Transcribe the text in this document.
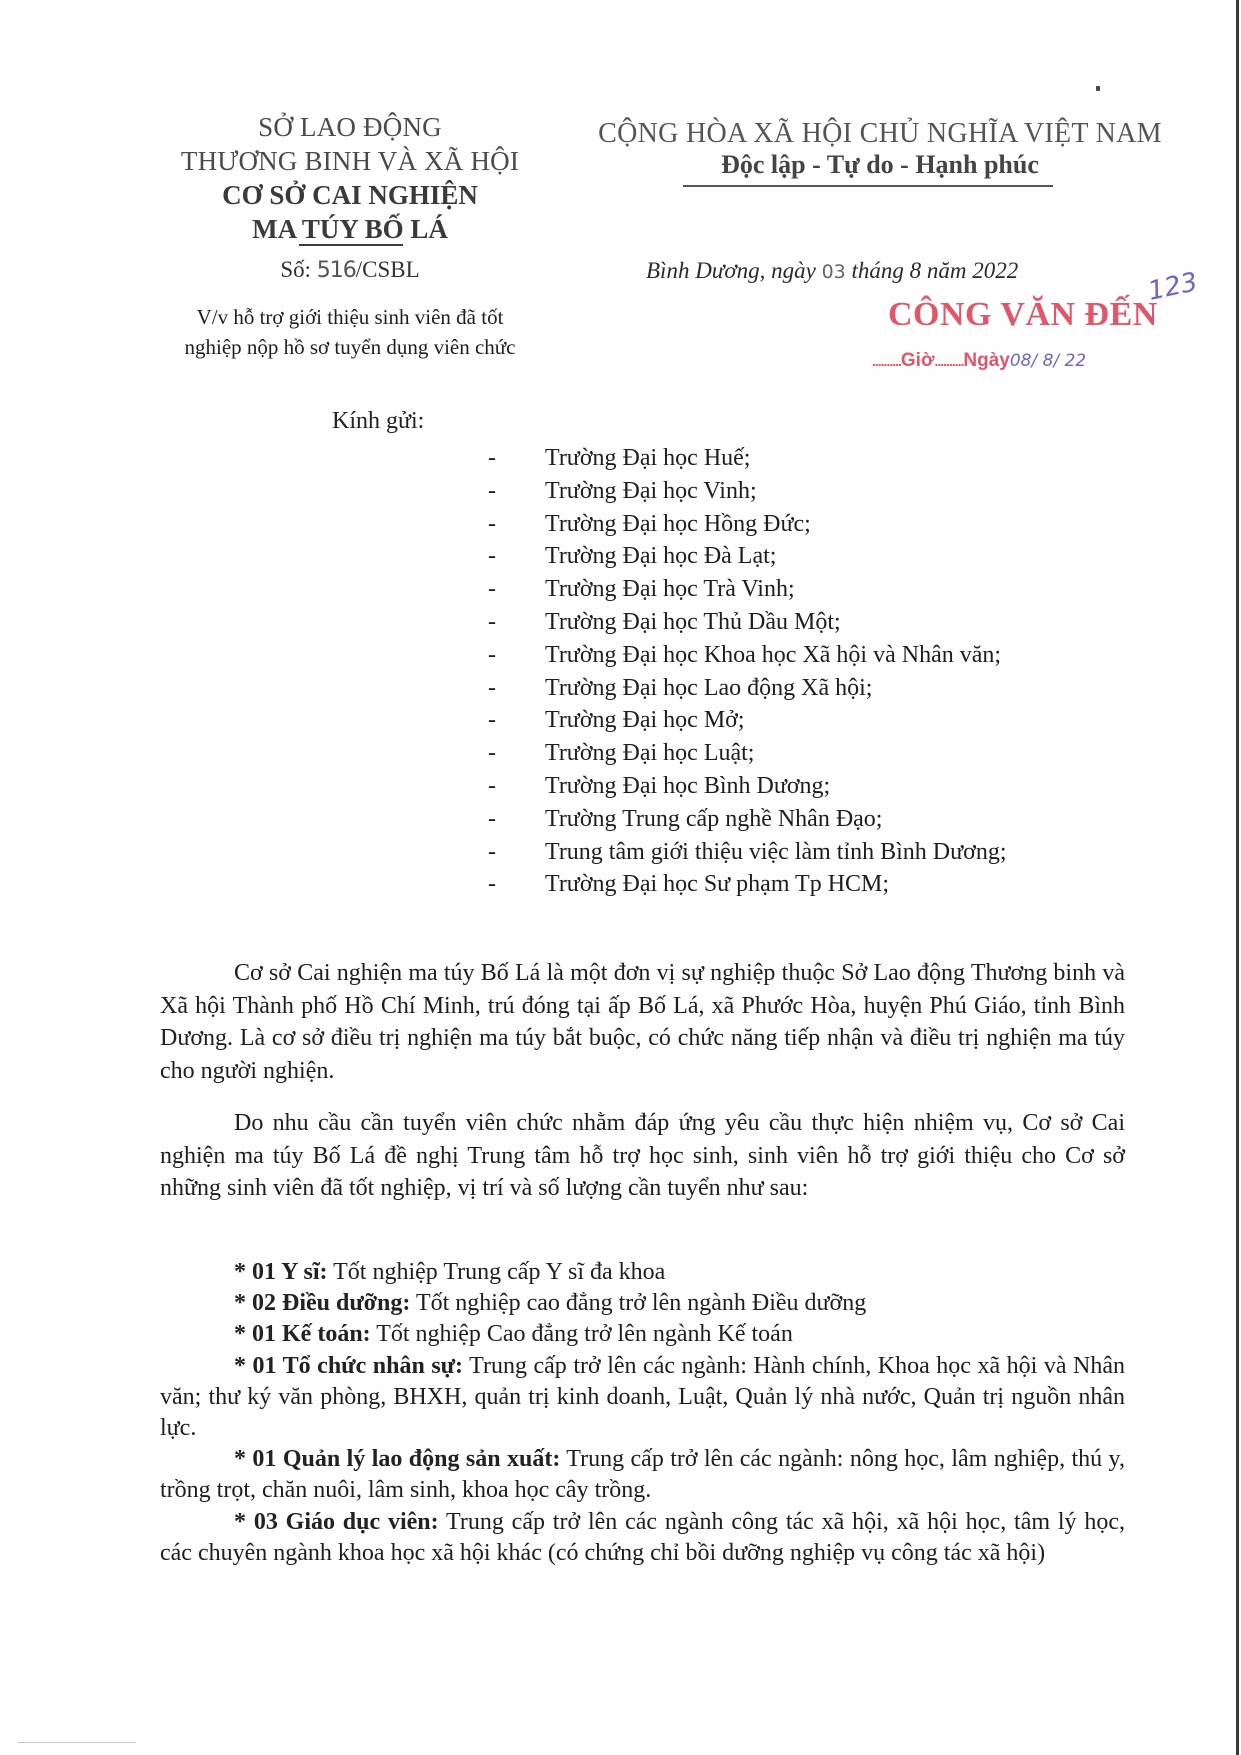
SỞ LAO ĐỘNG
THƯƠNG BINH VÀ XÃ HỘI
CƠ SỞ CAI NGHIỆN
MA TÚY BỐ LÁ
Số: 516/CSBL
V/v hỗ trợ giới thiệu sinh viên đã tốt
nghiệp nộp hồ sơ tuyển dụng viên chức
CỘNG HÒA XÃ HỘI CHỦ NGHĨA VIỆT NAM
Độc lập - Tự do - Hạnh phúc
Bình Dương, ngày 03 tháng 8 năm 2022
CÔNG VĂN ĐẾN
..........Giờ..........Ngày08/ 8/ 22
123
Kính gửi:
-	Trường Đại học Huế;
-	Trường Đại học Vinh;
-	Trường Đại học Hồng Đức;
-	Trường Đại học Đà Lạt;
-	Trường Đại học Trà Vinh;
-	Trường Đại học Thủ Dầu Một;
-	Trường Đại học Khoa học Xã hội và Nhân văn;
-	Trường Đại học Lao động Xã hội;
-	Trường Đại học Mở;
-	Trường Đại học Luật;
-	Trường Đại học Bình Dương;
-	Trường Trung cấp nghề Nhân Đạo;
-	Trung tâm giới thiệu việc làm tỉnh Bình Dương;
-	Trường Đại học Sư phạm Tp HCM;

Cơ sở Cai nghiện ma túy Bố Lá là một đơn vị sự nghiệp thuộc Sở Lao động Thương binh và Xã hội Thành phố Hồ Chí Minh, trú đóng tại ấp Bố Lá, xã Phước Hòa, huyện Phú Giáo, tỉnh Bình Dương. Là cơ sở điều trị nghiện ma túy bắt buộc, có chức năng tiếp nhận và điều trị nghiện ma túy cho người nghiện.

Do nhu cầu cần tuyển viên chức nhằm đáp ứng yêu cầu thực hiện nhiệm vụ, Cơ sở Cai nghiện ma túy Bố Lá đề nghị Trung tâm hỗ trợ học sinh, sinh viên hỗ trợ giới thiệu cho Cơ sở những sinh viên đã tốt nghiệp, vị trí và số lượng cần tuyển như sau:

* 01 Y sĩ: Tốt nghiệp Trung cấp Y sĩ đa khoa

* 02 Điều dưỡng: Tốt nghiệp cao đẳng trở lên ngành Điều dưỡng

* 01 Kế toán: Tốt nghiệp Cao đẳng trở lên ngành Kế toán

* 01 Tổ chức nhân sự: Trung cấp trở lên các ngành: Hành chính, Khoa học xã hội và Nhân văn; thư ký văn phòng, BHXH, quản trị kinh doanh, Luật, Quản lý nhà nước, Quản trị nguồn nhân lực.

* 01 Quản lý lao động sản xuất: Trung cấp trở lên các ngành: nông học, lâm nghiệp, thú y, trồng trọt, chăn nuôi, lâm sinh, khoa học cây trồng.

* 03 Giáo dục viên: Trung cấp trở lên các ngành công tác xã hội, xã hội học, tâm lý học, các chuyên ngành khoa học xã hội khác (có chứng chỉ bồi dưỡng nghiệp vụ công tác xã hội)
